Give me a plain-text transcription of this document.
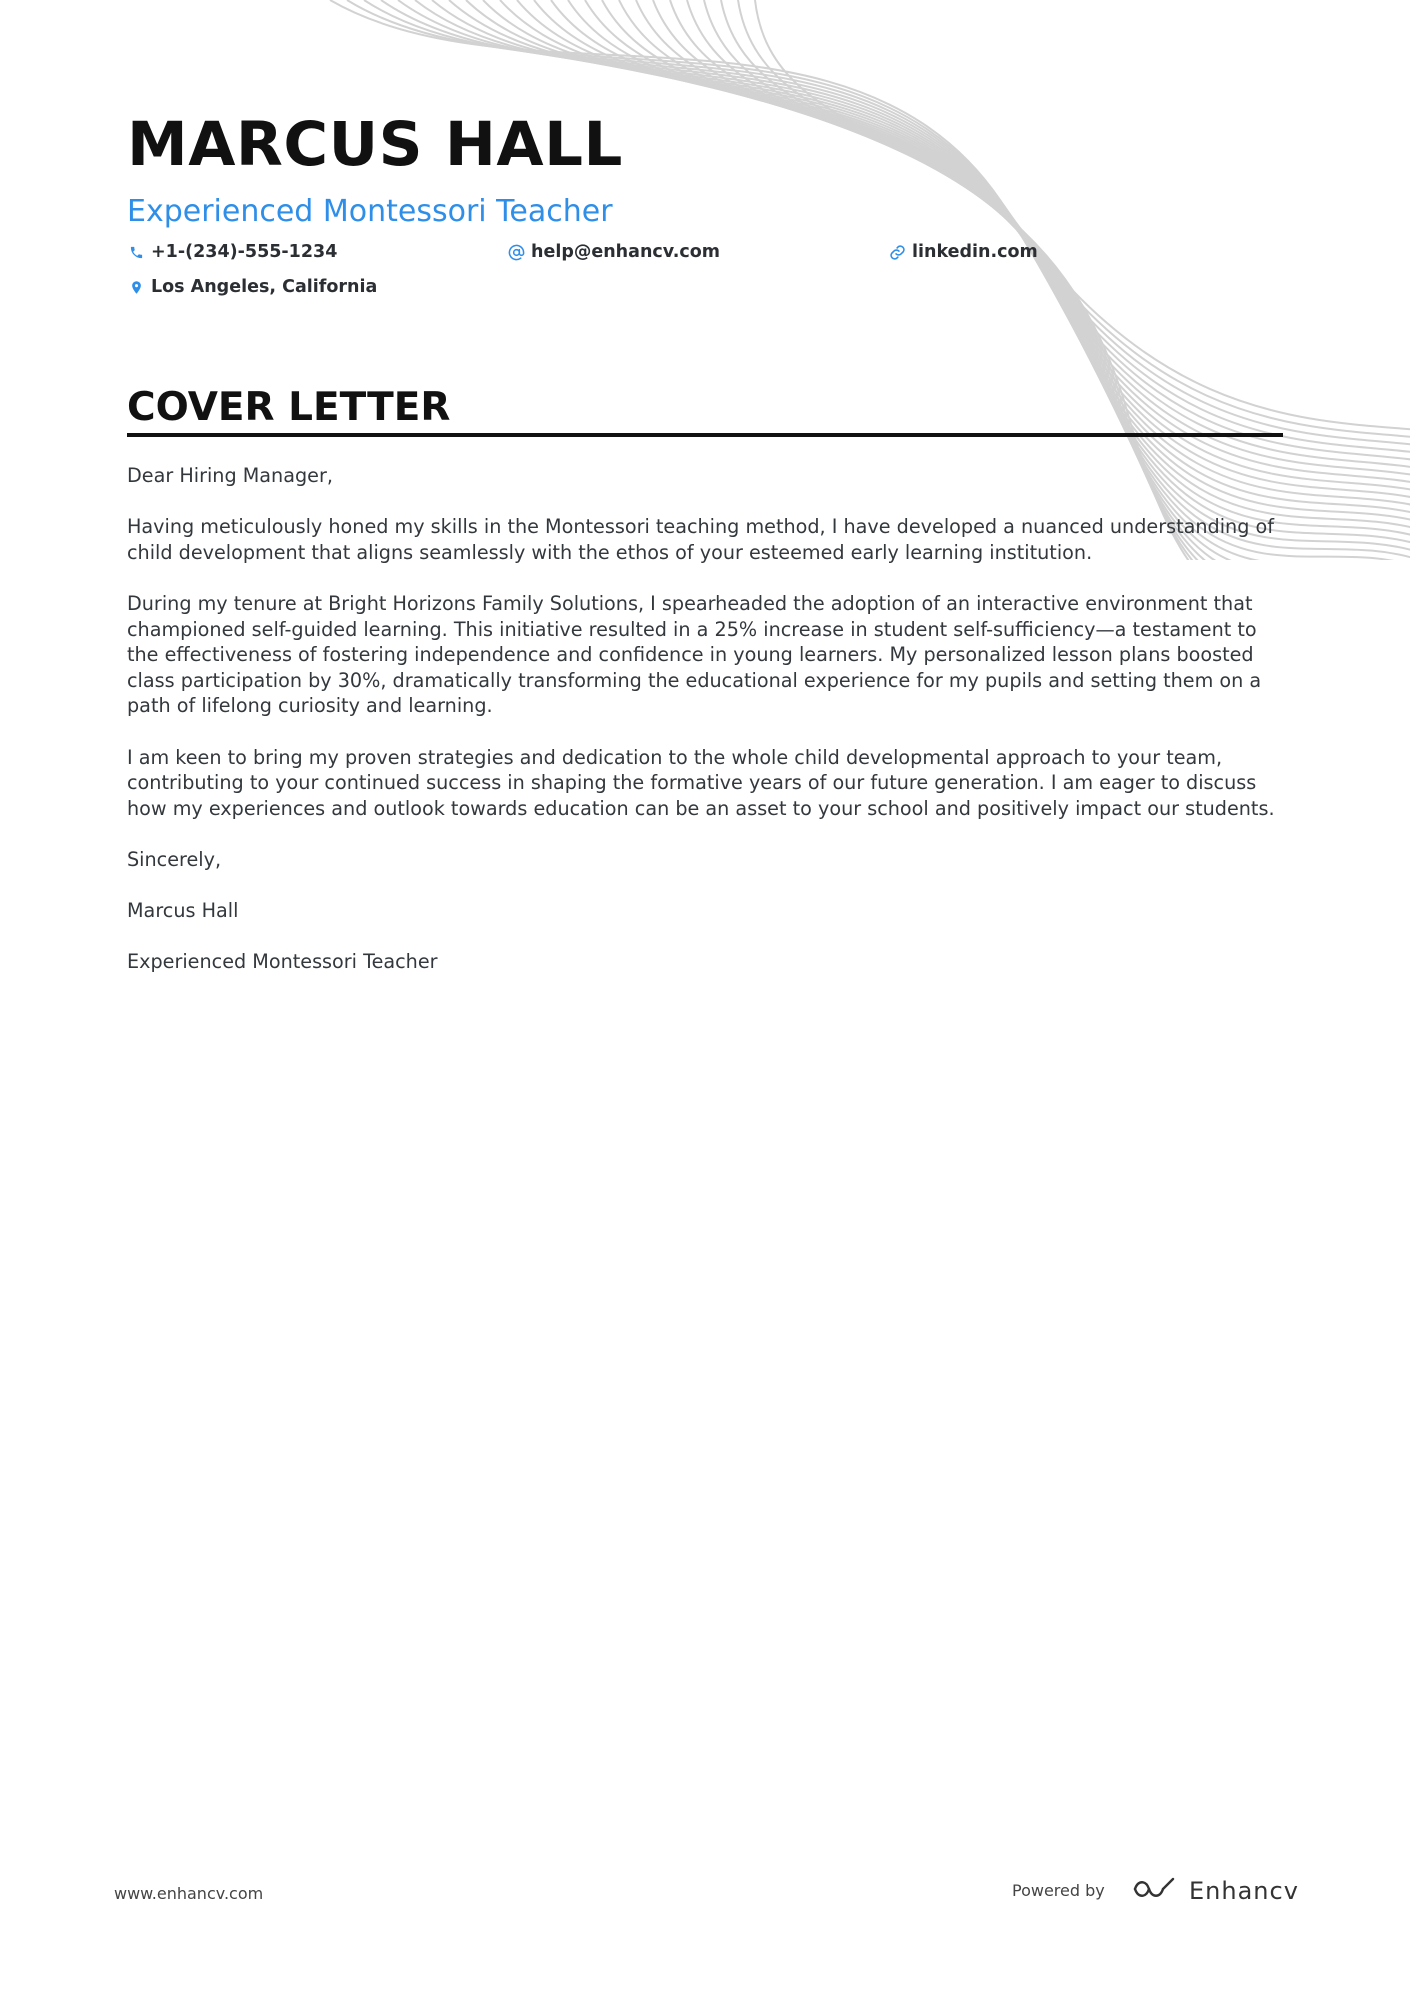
MARCUS HALL
Experienced Montessori Teacher
+1-(234)-555-1234	help@enhancv.com	linkedin.com
Los Angeles, California
COVER LETTER

Dear Hiring Manager,

Having meticulously honed my skills in the Montessori teaching method, I have developed a nuanced understanding of child development that aligns seamlessly with the ethos of your esteemed early learning institution.

During my tenure at Bright Horizons Family Solutions, I spearheaded the adoption of an interactive environment that championed self-guided learning. This initiative resulted in a 25% increase in student self-sufficiency—a testament to the effectiveness of fostering independence and confidence in young learners. My personalized lesson plans boosted class participation by 30%, dramatically transforming the educational experience for my pupils and setting them on a path of lifelong curiosity and learning.

I am keen to bring my proven strategies and dedication to the whole child developmental approach to your team, contributing to your continued success in shaping the formative years of our future generation. I am eager to discuss how my experiences and outlook towards education can be an asset to your school and positively impact our students.

Sincerely,

Marcus Hall

Experienced Montessori Teacher

www.enhancv.com	Powered by	Enhancv
